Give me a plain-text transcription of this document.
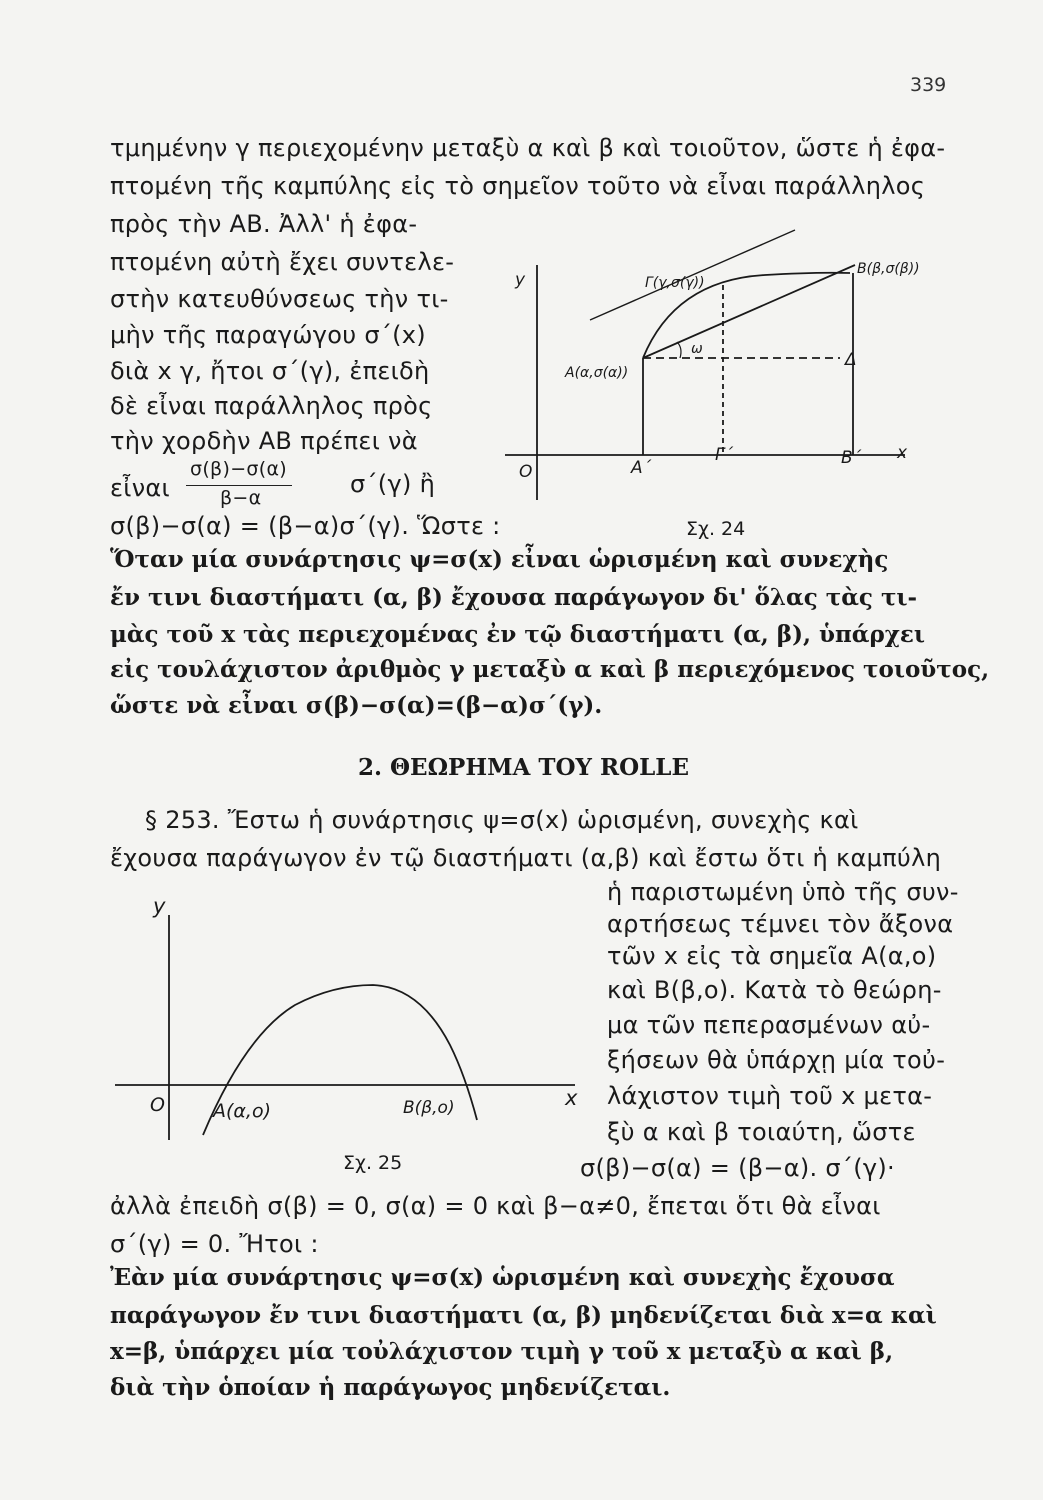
339
τμημένην γ περιεχομένην μεταξὺ α καὶ β καὶ τοιοῦτον, ὥστε ἡ ἐφα-
πτομένη τῆς καμπύλης εἰς τὸ σημεῖον τοῦτο νὰ εἶναι παράλληλος
πρὸς τὴν ΑΒ. Ἀλλ' ἡ ἐφα-
πτομένη αὐτὴ ἔχει συντελε-
στὴν κατευθύνσεως τὴν τι-
μὴν τῆς παραγώγου σ΄(x)
διὰ x γ, ἤτοι σ΄(γ), ἐπειδὴ
δὲ εἶναι παράλληλος πρὸς
τὴν χορδὴν ΑΒ πρέπει νὰ
εἶναι
σ(β)−σ(α)
β−α	σ΄(γ) ἢ
σ(β)−σ(α) = (β−α)σ΄(γ). Ὥστε :
y
x
O
A(α,σ(α))
B(β,σ(β))
Γ(γ,σ(γ))
ω
Δ
A΄
Γ΄	B΄
Σχ. 24
Ὅταν μία συνάρτησις ψ=σ(x) εἶναι ὡρισμένη καὶ συνεχὴς
ἔν τινι διαστήματι (α, β) ἔχουσα παράγωγον δι' ὅλας τὰς τι-
μὰς τοῦ x τὰς περιεχομένας ἐν τῷ διαστήματι (α, β), ὑπάρχει
εἰς τουλάχιστον ἀριθμὸς γ μεταξὺ α καὶ β περιεχόμενος τοιοῦτος,
ὥστε νὰ εἶναι σ(β)−σ(α)=(β−α)σ΄(γ).
2. ΘΕΩΡΗΜΑ ΤΟΥ ROLLE
§ 253. Ἔστω ἡ συνάρτησις ψ=σ(x) ὡρισμένη, συνεχὴς καὶ
ἔχουσα παράγωγον ἐν τῷ διαστήματι (α,β) καὶ ἔστω ὅτι ἡ καμπύλη
ἡ παριστωμένη ὑπὸ τῆς συν-
αρτήσεως τέμνει τὸν ἄξονα
τῶν x εἰς τὰ σημεῖα Α(α,ο)
καὶ Β(β,ο). Κατὰ τὸ θεώρη-
μα τῶν πεπερασμένων αὐ-
ξήσεων θὰ ὑπάρχῃ μία τοὐ-
λάχιστον τιμὴ τοῦ x μετα-
ξὺ α καὶ β τοιαύτη, ὥστε
σ(β)−σ(α) = (β−α). σ΄(γ)·
y
x
O	A(α,ο)	B(β,ο)
Σχ. 25
ἀλλὰ ἐπειδὴ σ(β) = 0, σ(α) = 0 καὶ β−α≠0, ἔπεται ὅτι θὰ εἶναι
σ΄(γ) = 0. Ἤτοι :
Ἐὰν μία συνάρτησις ψ=σ(x) ὡρισμένη καὶ συνεχὴς ἔχουσα
παράγωγον ἔν τινι διαστήματι (α, β) μηδενίζεται διὰ x=α καὶ
x=β, ὑπάρχει μία τοὐλάχιστον τιμὴ γ τοῦ x μεταξὺ α καὶ β,
διὰ τὴν ὁποίαν ἡ παράγωγος μηδενίζεται.
